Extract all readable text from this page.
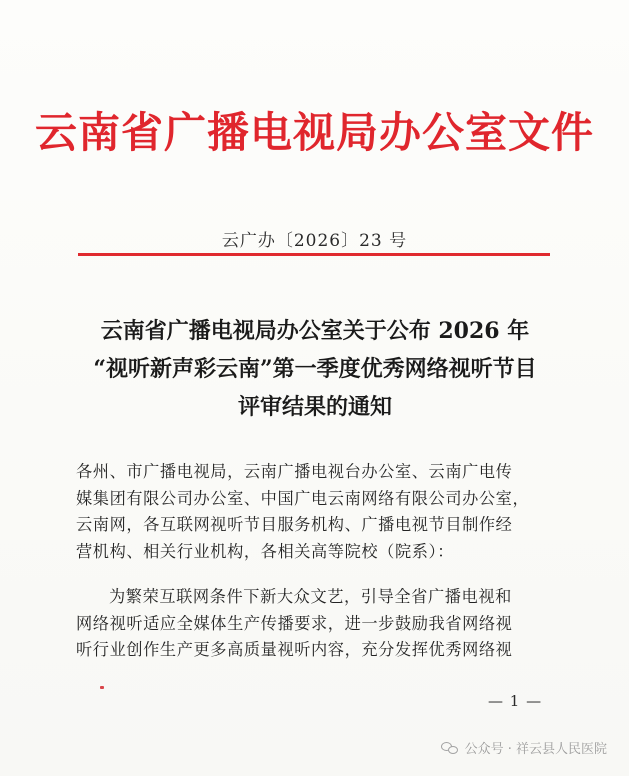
云南省广播电视局办公室文件
云广办〔2026〕23 号
云南省广播电视局办公室关于公布 2026 年
“视听新声彩云南”第一季度优秀网络视听节目
评审结果的通知
各州、市广播电视局，云南广播电视台办公室、云南广电传
媒集团有限公司办公室、中国广电云南网络有限公司办公室，
云南网，各互联网视听节目服务机构、广播电视节目制作经
营机构、相关行业机构，各相关高等院校（院系）：
为繁荣互联网条件下新大众文艺，引导全省广播电视和
网络视听适应全媒体生产传播要求，进一步鼓励我省网络视
听行业创作生产更多高质量视听内容，充分发挥优秀网络视
— 1 —
公众号 · 祥云县人民医院
